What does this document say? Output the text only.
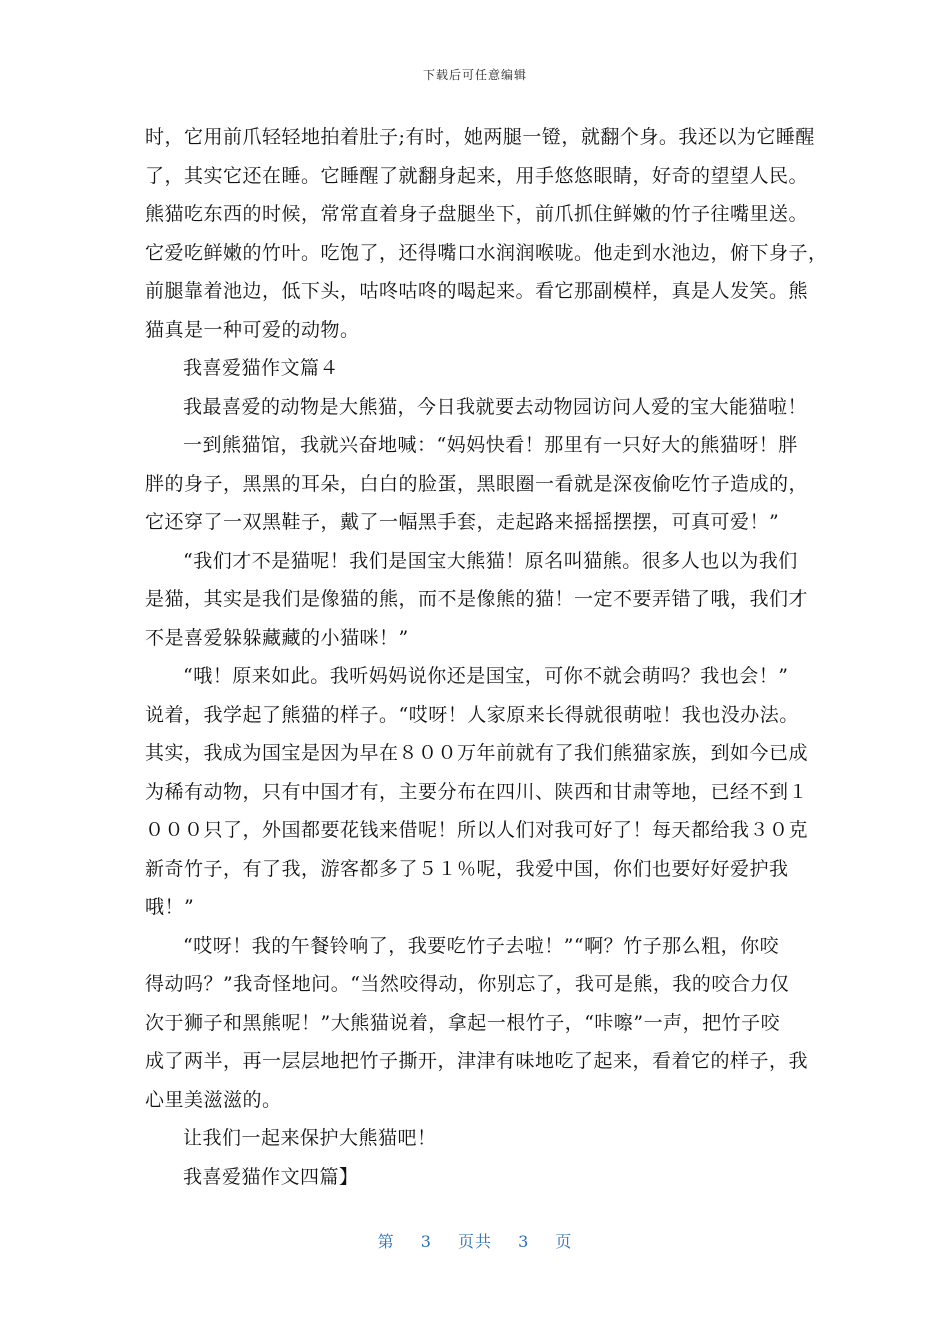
下载后可任意编辑
时，它用前爪轻轻地拍着肚子;有时，她两腿一镫，就翻个身。我还以为它睡醒
了，其实它还在睡。它睡醒了就翻身起来，用手悠悠眼睛，好奇的望望人民。
熊猫吃东西的时候，常常直着身子盘腿坐下，前爪抓住鲜嫩的竹子往嘴里送。
它爱吃鲜嫩的竹叶。吃饱了，还得嘴口水润润喉咙。他走到水池边，俯下身子，
前腿靠着池边，低下头，咕咚咕咚的喝起来。看它那副模样，真是人发笑。熊
猫真是一种可爱的动物。
我喜爱猫作文篇４
我最喜爱的动物是大熊猫，今日我就要去动物园访问人爱的宝大能猫啦！
一到熊猫馆，我就兴奋地喊：“妈妈快看！那里有一只好大的熊猫呀！胖
胖的身子，黑黑的耳朵，白白的脸蛋，黑眼圈一看就是深夜偷吃竹子造成的，
它还穿了一双黑鞋子，戴了一幅黑手套，走起路来摇摇摆摆，可真可爱！”
“我们才不是猫呢！我们是国宝大熊猫！原名叫猫熊。很多人也以为我们
是猫，其实是我们是像猫的熊，而不是像熊的猫！一定不要弄错了哦，我们才
不是喜爱躲躲藏藏的小猫咪！”
“哦！原来如此。我听妈妈说你还是国宝，可你不就会萌吗？我也会！”
说着，我学起了熊猫的样子。“哎呀！人家原来长得就很萌啦！我也没办法。
其实，我成为国宝是因为早在８００万年前就有了我们熊猫家族，到如今已成
为稀有动物，只有中国才有，主要分布在四川、陕西和甘肃等地，已经不到１
０００只了，外国都要花钱来借呢！所以人们对我可好了！每天都给我３０克
新奇竹子，有了我，游客都多了５１％呢，我爱中国，你们也要好好爱护我
哦！”
“哎呀！我的午餐铃响了，我要吃竹子去啦！”“啊？竹子那么粗，你咬
得动吗？”我奇怪地问。“当然咬得动，你别忘了，我可是熊，我的咬合力仅
次于狮子和黑熊呢！”大熊猫说着，拿起一根竹子，“咔嚓”一声，把竹子咬
成了两半，再一层层地把竹子撕开，津津有味地吃了起来，看着它的样子，我
心里美滋滋的。
让我们一起来保护大熊猫吧！
我喜爱猫作文四篇】
第 3 页共 3 页
